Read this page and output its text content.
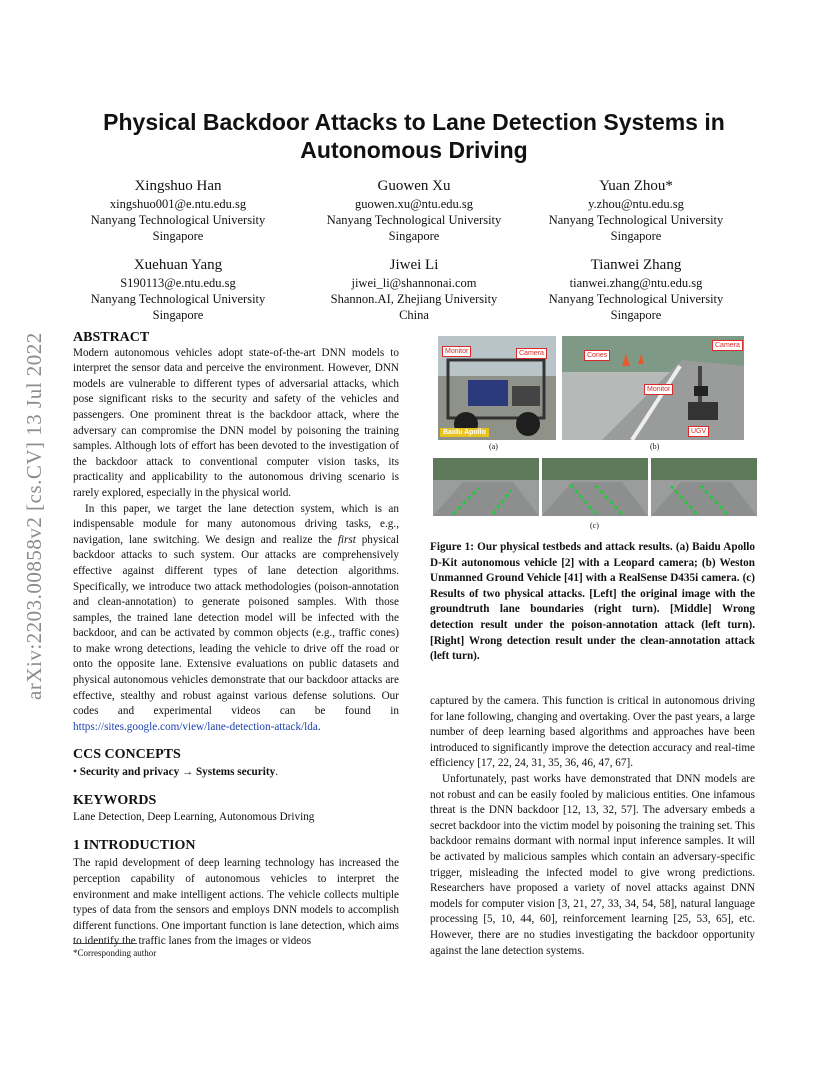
arXiv:2203.00858v2 [cs.CV] 13 Jul 2022
Physical Backdoor Attacks to Lane Detection Systems in
Autonomous Driving
Xingshuo Han
xingshuo001@e.ntu.edu.sg
Nanyang Technological University
Singapore
Guowen Xu
guowen.xu@ntu.edu.sg
Nanyang Technological University
Singapore
Yuan Zhou*
y.zhou@ntu.edu.sg
Nanyang Technological University
Singapore
Xuehuan Yang
S190113@e.ntu.edu.sg
Nanyang Technological University
Singapore
Jiwei Li
jiwei_li@shannonai.com
Shannon.AI, Zhejiang University
China
Tianwei Zhang
tianwei.zhang@ntu.edu.sg
Nanyang Technological University
Singapore
ABSTRACT

Modern autonomous vehicles adopt state-of-the-art DNN models to interpret the sensor data and perceive the environment. However, DNN models are vulnerable to different types of adversarial attacks, which pose significant risks to the security and safety of the vehicles and passengers. One prominent threat is the backdoor attack, where the adversary can compromise the DNN model by poisoning the training samples. Although lots of effort has been devoted to the investigation of the backdoor attack to conventional computer vision tasks, its practicality and applicability to the autonomous driving scenario is rarely explored, especially in the physical world.

In this paper, we target the lane detection system, which is an indispensable module for many autonomous driving tasks, e.g., navigation, lane switching. We design and realize the first physical backdoor attacks to such system. Our attacks are comprehensively effective against different types of lane detection algorithms. Specifically, we introduce two attack methodologies (poison-annotation and clean-annotation) to generate poisoned samples. With those samples, the trained lane detection model will be infected with the backdoor, and can be activated by common objects (e.g., traffic cones) to make wrong detections, leading the vehicle to drive off the road or onto the opposite lane. Extensive evaluations on public datasets and physical autonomous vehicles demonstrate that our backdoor attacks are effective, stealthy and robust against various defense solutions. Our codes and experimental videos can be found in https://sites.google.com/view/lane-detection-attack/lda.

CCS CONCEPTS

• Security and privacy → Systems security.

KEYWORDS

Lane Detection, Deep Learning, Autonomous Driving

1 INTRODUCTION

The rapid development of deep learning technology has increased the perception capability of autonomous vehicles to interpret the environment and make intelligent actions. The vehicle collects multiple types of data from the sensors and employs DNN models to accomplish different functions. One important function is lane detection, which aims to identify the traffic lanes from the images or videos

*Corresponding author
Monitor	Camera
Baidu Apollo
(a)
Cones
Camera
Monitor
UGV
(b)
(c)
Figure 1: Our physical testbeds and attack results. (a) Baidu Apollo D-Kit autonomous vehicle [2] with a Leopard camera; (b) Weston Unmanned Ground Vehicle [41] with a RealSense D435i camera. (c) Results of two physical attacks. [Left] the original image with the groundtruth lane boundaries (right turn). [Middle] Wrong detection result under the poison-annotation attack (left turn). [Right] Wrong detection result under the clean-annotation attack (left turn).

captured by the camera. This function is critical in autonomous driving for lane following, changing and overtaking. Over the past years, a large number of deep learning based algorithms and approaches have been introduced to significantly improve the detection accuracy and real-time efficiency [17, 22, 24, 31, 35, 36, 46, 47, 67].

Unfortunately, past works have demonstrated that DNN models are not robust and can be easily fooled by malicious entities. One infamous threat is the DNN backdoor [12, 13, 32, 57]. The adversary embeds a secret backdoor into the victim model by poisoning the training set. This backdoor remains dormant with normal input inference samples. It will be activated by malicious samples which contain an adversary-specific trigger, misleading the infected model to give wrong predictions. Researchers have proposed a variety of novel attacks against DNN models for computer vision [3, 21, 27, 33, 34, 54, 58], natural language processing [5, 10, 44, 60], reinforcement learning [25, 53, 65], etc. However, there are no studies investigating the backdoor opportunity against the lane detection systems.
